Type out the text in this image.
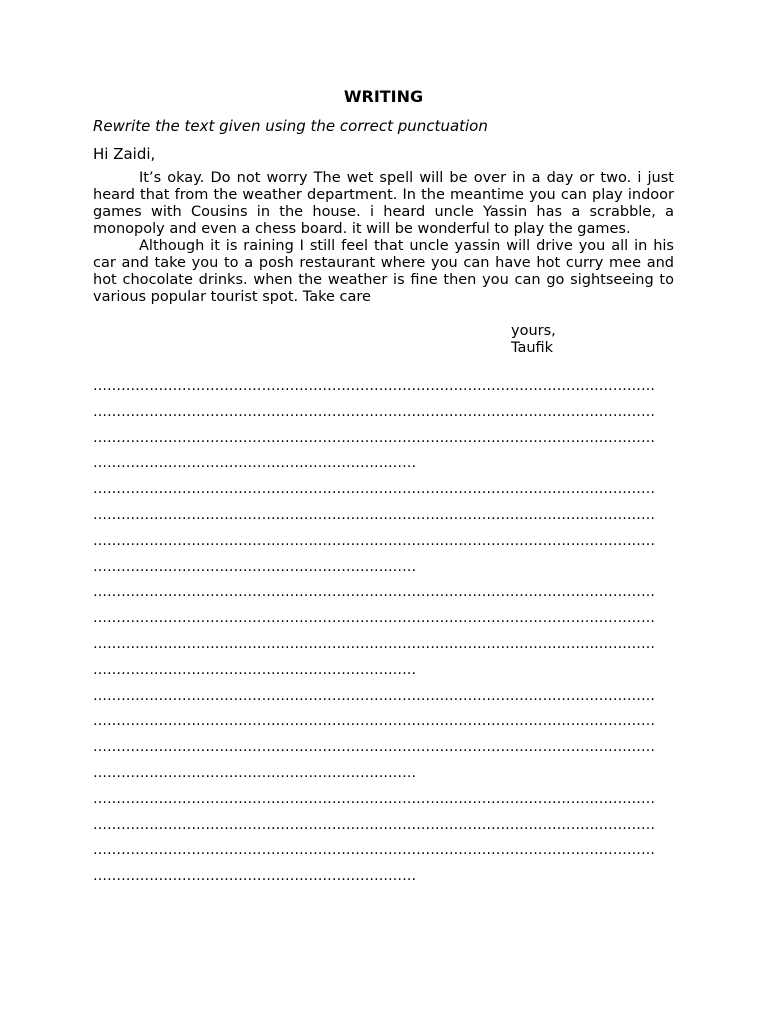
WRITING
Rewrite the text given using the correct punctuation
Hi Zaidi,

It’s okay. Do not worry The wet spell will be over in a day or two. i just heard that from the weather department. In the meantime you can play indoor games with Cousins in the house. i heard uncle Yassin has a scrabble, a monopoly and even a chess board. it will be wonderful to play the games.

Although it is raining I still feel that uncle yassin will drive you all in his car and take you to a posh restaurant where you can have hot curry mee and hot chocolate drinks. when the weather is fine then you can go sightseeing to various popular tourist spot. Take care

yours,
Taufik
…………………………………………………………………………………………………………
…………………………………………………………………………………………………………
…………………………………………………………………………………………………………
……………………………………………………………
…………………………………………………………………………………………………………
…………………………………………………………………………………………………………
…………………………………………………………………………………………………………
……………………………………………………………
…………………………………………………………………………………………………………
…………………………………………………………………………………………………………
…………………………………………………………………………………………………………
……………………………………………………………
…………………………………………………………………………………………………………
…………………………………………………………………………………………………………
…………………………………………………………………………………………………………
……………………………………………………………
…………………………………………………………………………………………………………
…………………………………………………………………………………………………………
…………………………………………………………………………………………………………
……………………………………………………………
